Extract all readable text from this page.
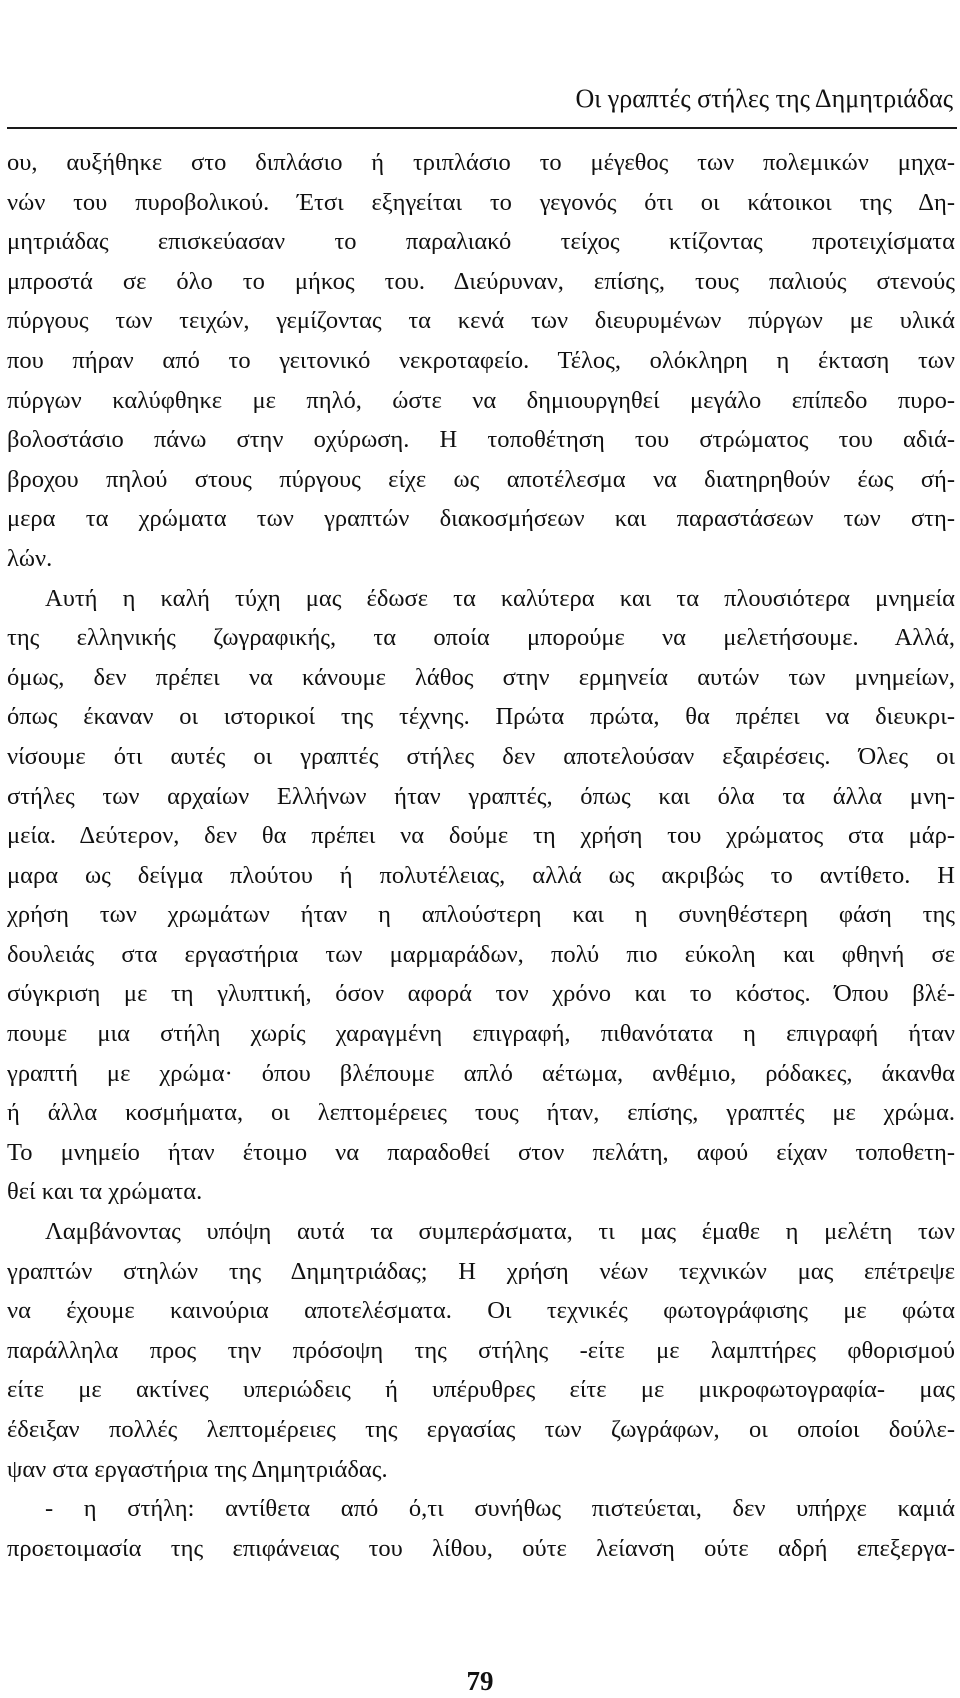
Οι γραπτές στήλες της Δημητριάδας
ου, αυξήθηκε στο διπλάσιο ή τριπλάσιο το μέγεθος των πολεμικών μηχα-
νών του πυροβολικού. Έτσι εξηγείται το γεγονός ότι οι κάτοικοι της Δη-
μητριάδας επισκεύασαν το παραλιακό τείχος κτίζοντας προτειχίσματα
μπροστά σε όλο το μήκος του. Διεύρυναν, επίσης, τους παλιούς στενούς
πύργους των τειχών, γεμίζοντας τα κενά των διευρυμένων πύργων με υλικά
που πήραν από το γειτονικό νεκροταφείο. Τέλος, ολόκληρη η έκταση των
πύργων καλύφθηκε με πηλό, ώστε να δημιουργηθεί μεγάλο επίπεδο πυρο-
βολοστάσιο πάνω στην οχύρωση. Η τοποθέτηση του στρώματος του αδιά-
βροχου πηλού στους πύργους είχε ως αποτέλεσμα να διατηρηθούν έως σή-
μερα τα χρώματα των γραπτών διακοσμήσεων και παραστάσεων των στη-
λών.
Αυτή η καλή τύχη μας έδωσε τα καλύτερα και τα πλουσιότερα μνημεία
της ελληνικής ζωγραφικής, τα οποία μπορούμε να μελετήσουμε. Αλλά,
όμως, δεν πρέπει να κάνουμε λάθος στην ερμηνεία αυτών των μνημείων,
όπως έκαναν οι ιστορικοί της τέχνης. Πρώτα πρώτα, θα πρέπει να διευκρι-
νίσουμε ότι αυτές οι γραπτές στήλες δεν αποτελούσαν εξαιρέσεις. Όλες οι
στήλες των αρχαίων Ελλήνων ήταν γραπτές, όπως και όλα τα άλλα μνη-
μεία. Δεύτερον, δεν θα πρέπει να δούμε τη χρήση του χρώματος στα μάρ-
μαρα ως δείγμα πλούτου ή πολυτέλειας, αλλά ως ακριβώς το αντίθετο. Η
χρήση των χρωμάτων ήταν η απλούστερη και η συνηθέστερη φάση της
δουλειάς στα εργαστήρια των μαρμαράδων, πολύ πιο εύκολη και φθηνή σε
σύγκριση με τη γλυπτική, όσον αφορά τον χρόνο και το κόστος. Όπου βλέ-
πουμε μια στήλη χωρίς χαραγμένη επιγραφή, πιθανότατα η επιγραφή ήταν
γραπτή με χρώμα· όπου βλέπουμε απλό αέτωμα, ανθέμιο, ρόδακες, άκανθα
ή άλλα κοσμήματα, οι λεπτομέρειες τους ήταν, επίσης, γραπτές με χρώμα.
Το μνημείο ήταν έτοιμο να παραδοθεί στον πελάτη, αφού είχαν τοποθετη-
θεί και τα χρώματα.
Λαμβάνοντας υπόψη αυτά τα συμπεράσματα, τι μας έμαθε η μελέτη των
γραπτών στηλών της Δημητριάδας; Η χρήση νέων τεχνικών μας επέτρεψε
να έχουμε καινούρια αποτελέσματα. Οι τεχνικές φωτογράφισης με φώτα
παράλληλα προς την πρόσοψη της στήλης -είτε με λαμπτήρες φθορισμού
είτε με ακτίνες υπεριώδεις ή υπέρυθρες είτε με μικροφωτογραφία- μας
έδειξαν πολλές λεπτομέρειες της εργασίας των ζωγράφων, οι οποίοι δούλε-
ψαν στα εργαστήρια της Δημητριάδας.
- η στήλη: αντίθετα από ό,τι συνήθως πιστεύεται, δεν υπήρχε καμιά
προετοιμασία της επιφάνειας του λίθου, ούτε λείανση ούτε αδρή επεξεργα-
79
